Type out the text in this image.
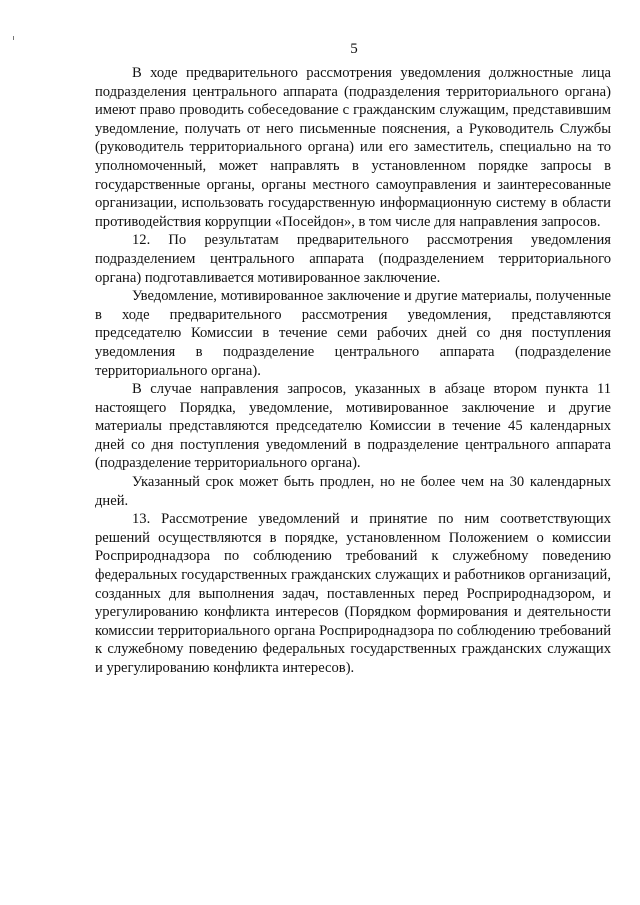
5

В ходе предварительного рассмотрения уведомления должностные лица подразделения центрального аппарата (подразделения территориального органа) имеют право проводить собеседование с гражданским служащим, представившим уведомление, получать от него письменные пояснения, а Руководитель Службы (руководитель территориального органа) или его заместитель, специально на то уполномоченный, может направлять в установленном порядке запросы в государственные органы, органы местного самоуправления и заинтересованные организации, использовать государственную информационную систему в области противодействия коррупции «Посейдон», в том числе для направления запросов.

12. По результатам предварительного рассмотрения уведомления подразделением центрального аппарата (подразделением территориального органа) подготавливается мотивированное заключение.

Уведомление, мотивированное заключение и другие материалы, полученные в ходе предварительного рассмотрения уведомления, представляются председателю Комиссии в течение семи рабочих дней со дня поступления уведомления в подразделение центрального аппарата (подразделение территориального органа).

В случае направления запросов, указанных в абзаце втором пункта 11 настоящего Порядка, уведомление, мотивированное заключение и другие материалы представляются председателю Комиссии в течение 45 календарных дней со дня поступления уведомлений в подразделение центрального аппарата (подразделение территориального органа).

Указанный срок может быть продлен, но не более чем на 30 календарных дней.

13. Рассмотрение уведомлений и принятие по ним соответствующих решений осуществляются в порядке, установленном Положением о комиссии Росприроднадзора по соблюдению требований к служебному поведению федеральных государственных гражданских служащих и работников организаций, созданных для выполнения задач, поставленных перед Росприроднадзором, и урегулированию конфликта интересов (Порядком формирования и деятельности комиссии территориального органа Росприроднадзора по соблюдению требований к служебному поведению федеральных государственных гражданских служащих и урегулированию конфликта интересов).
